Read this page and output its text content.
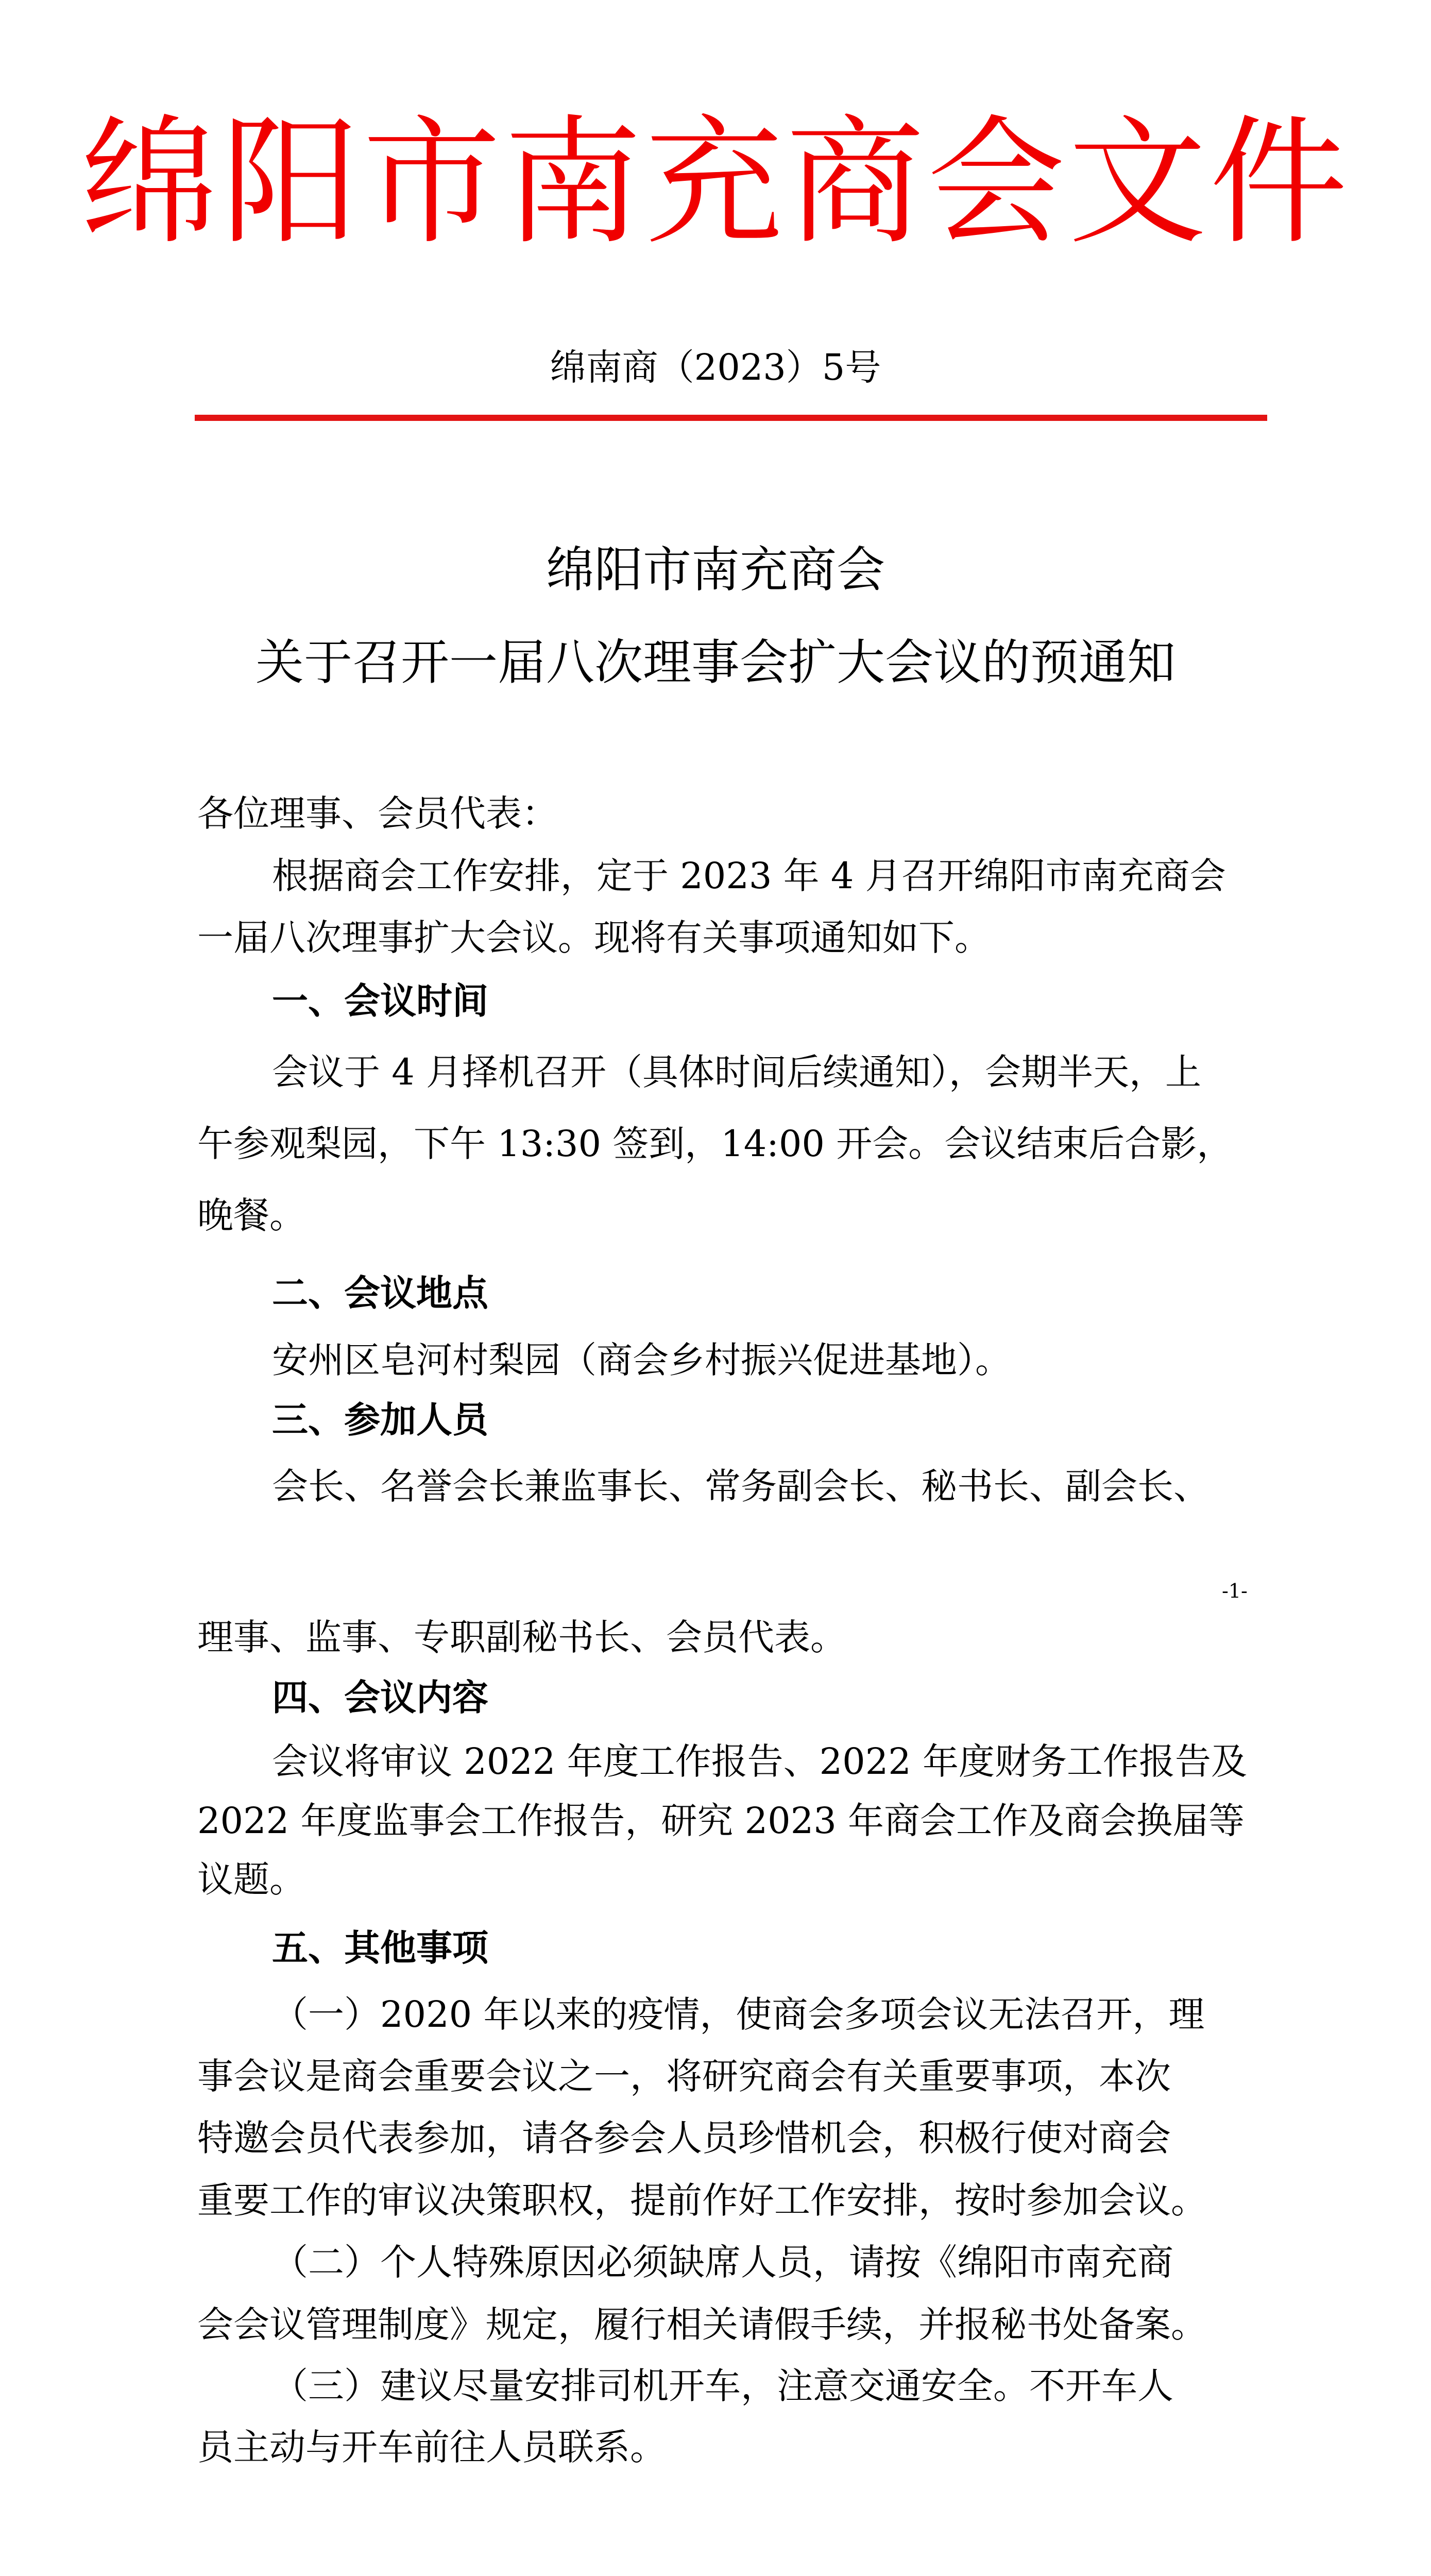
绵阳市南充商会文件
绵南商（2023）5号
绵阳市南充商会
关于召开一届八次理事会扩大会议的预通知
各位理事、会员代表：
根据商会工作安排，定于 2023 年 4 月召开绵阳市南充商会
一届八次理事扩大会议。现将有关事项通知如下。
一、会议时间
会议于 4 月择机召开（具体时间后续通知），会期半天，上
午参观梨园，下午 13:30 签到，14:00 开会。会议结束后合影，
晚餐。
二、会议地点
安州区皂河村梨园（商会乡村振兴促进基地）。
三、参加人员
会长、名誉会长兼监事长、常务副会长、秘书长、副会长、
-1-
理事、监事、专职副秘书长、会员代表。
四、会议内容
会议将审议 2022 年度工作报告、2022 年度财务工作报告及
2022 年度监事会工作报告，研究 2023 年商会工作及商会换届等
议题。
五、其他事项
（一）2020 年以来的疫情，使商会多项会议无法召开，理
事会议是商会重要会议之一，将研究商会有关重要事项，本次
特邀会员代表参加，请各参会人员珍惜机会，积极行使对商会
重要工作的审议决策职权，提前作好工作安排，按时参加会议。
（二）个人特殊原因必须缺席人员，请按《绵阳市南充商
会会议管理制度》规定，履行相关请假手续，并报秘书处备案。
（三）建议尽量安排司机开车，注意交通安全。不开车人
员主动与开车前往人员联系。
